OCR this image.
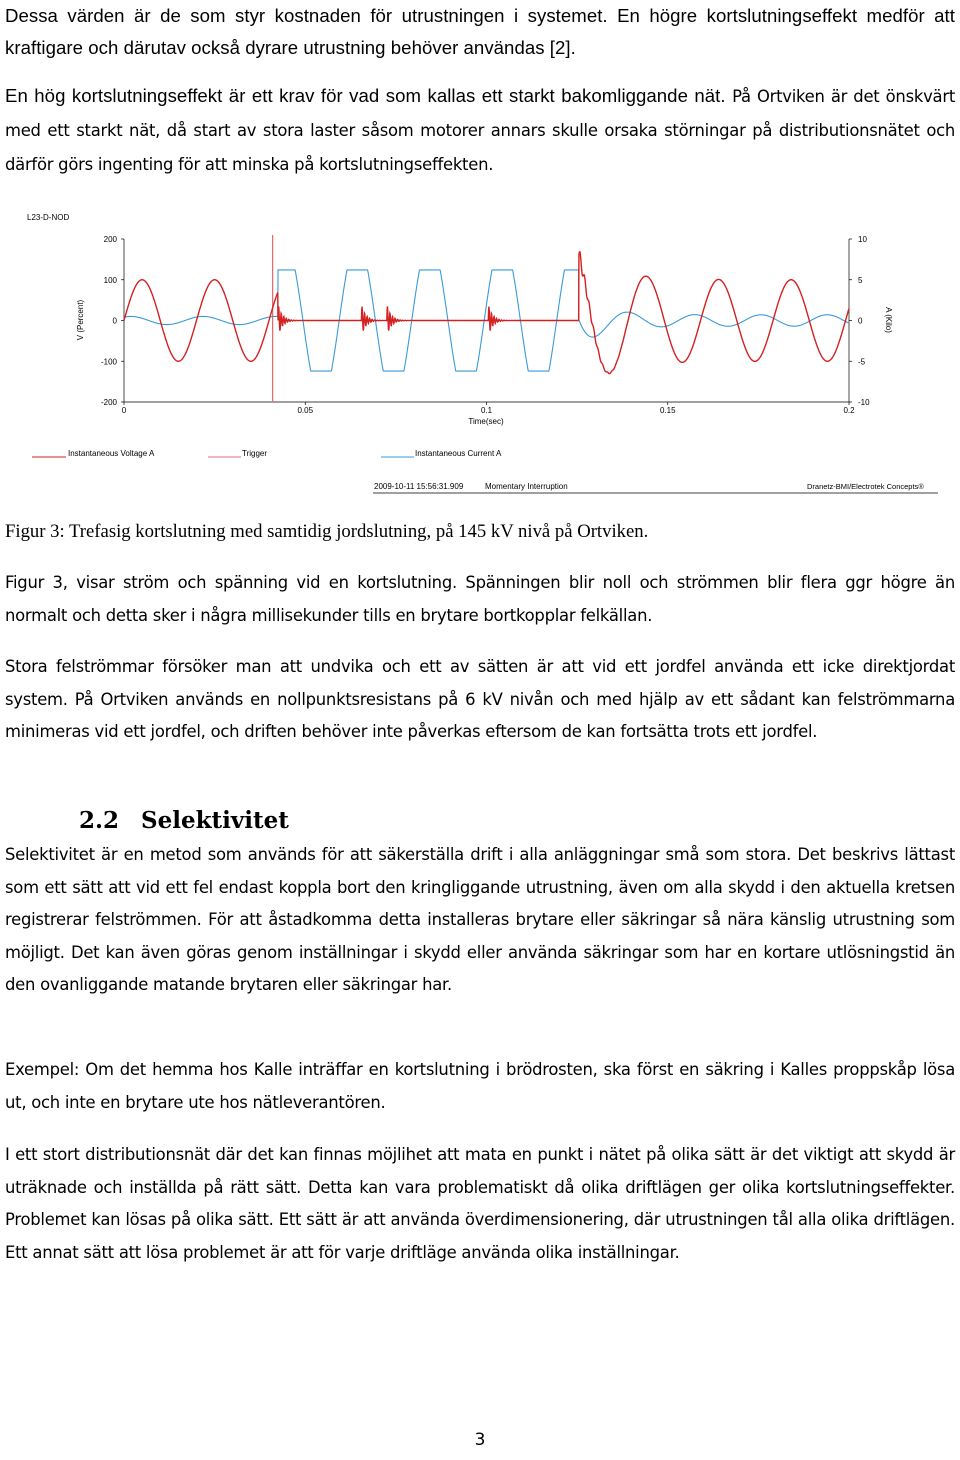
Dessa värden är de som styr kostnaden för utrustningen i systemet. En högre kortslutningseffekt medför att kraftigare och därutav också dyrare utrustning behöver användas [2].

En hög kortslutningseffekt är ett krav för vad som kallas ett starkt bakomliggande nät. På Ortviken är det önskvärt med ett starkt nät, då start av stora laster såsom motorer annars skulle orsaka störningar på distributionsnätet och därför görs ingenting för att minska på kortslutningseffekten.

L23-D-NOD
200
100
0
-100
-200
10
5
0
-5
-10
0	0.05	0.1	0.15	0.2
Time(sec)
V (Percent)	A (Kilo)
Instantaneous Voltage A	Trigger	Instantaneous Current A
2009-10-11 15:56:31.909	Momentary Interruption	Dranetz-BMI/Electrotek Concepts®

Figur 3: Trefasig kortslutning med samtidig jordslutning, på 145 kV nivå på Ortviken.

Figur 3, visar ström och spänning vid en kortslutning. Spänningen blir noll och strömmen blir flera ggr högre än normalt och detta sker i några millisekunder tills en brytare bortkopplar felkällan.

Stora felströmmar försöker man att undvika och ett av sätten är att vid ett jordfel använda ett icke direktjordat system. På Ortviken används en nollpunktsresistans på 6 kV nivån och med hjälp av ett sådant kan felströmmarna minimeras vid ett jordfel, och driften behöver inte påverkas eftersom de kan fortsätta trots ett jordfel.

2.2 Selektivitet

Selektivitet är en metod som används för att säkerställa drift i alla anläggningar små som stora. Det beskrivs lättast som ett sätt att vid ett fel endast koppla bort den kringliggande utrustning, även om alla skydd i den aktuella kretsen registrerar felströmmen. För att åstadkomma detta installeras brytare eller säkringar så nära känslig utrustning som möjligt. Det kan även göras genom inställningar i skydd eller använda säkringar som har en kortare utlösningstid än den ovanliggande matande brytaren eller säkringar har.

Exempel: Om det hemma hos Kalle inträffar en kortslutning i brödrosten, ska först en säkring i Kalles proppskåp lösa ut, och inte en brytare ute hos nätleverantören.

I ett stort distributionsnät där det kan finnas möjlihet att mata en punkt i nätet på olika sätt är det viktigt att skydd är uträknade och inställda på rätt sätt. Detta kan vara problematiskt då olika driftlägen ger olika kortslutningseffekter. Problemet kan lösas på olika sätt. Ett sätt är att använda överdimensionering, där utrustningen tål alla olika driftlägen. Ett annat sätt att lösa problemet är att för varje driftläge använda olika inställningar.

3
